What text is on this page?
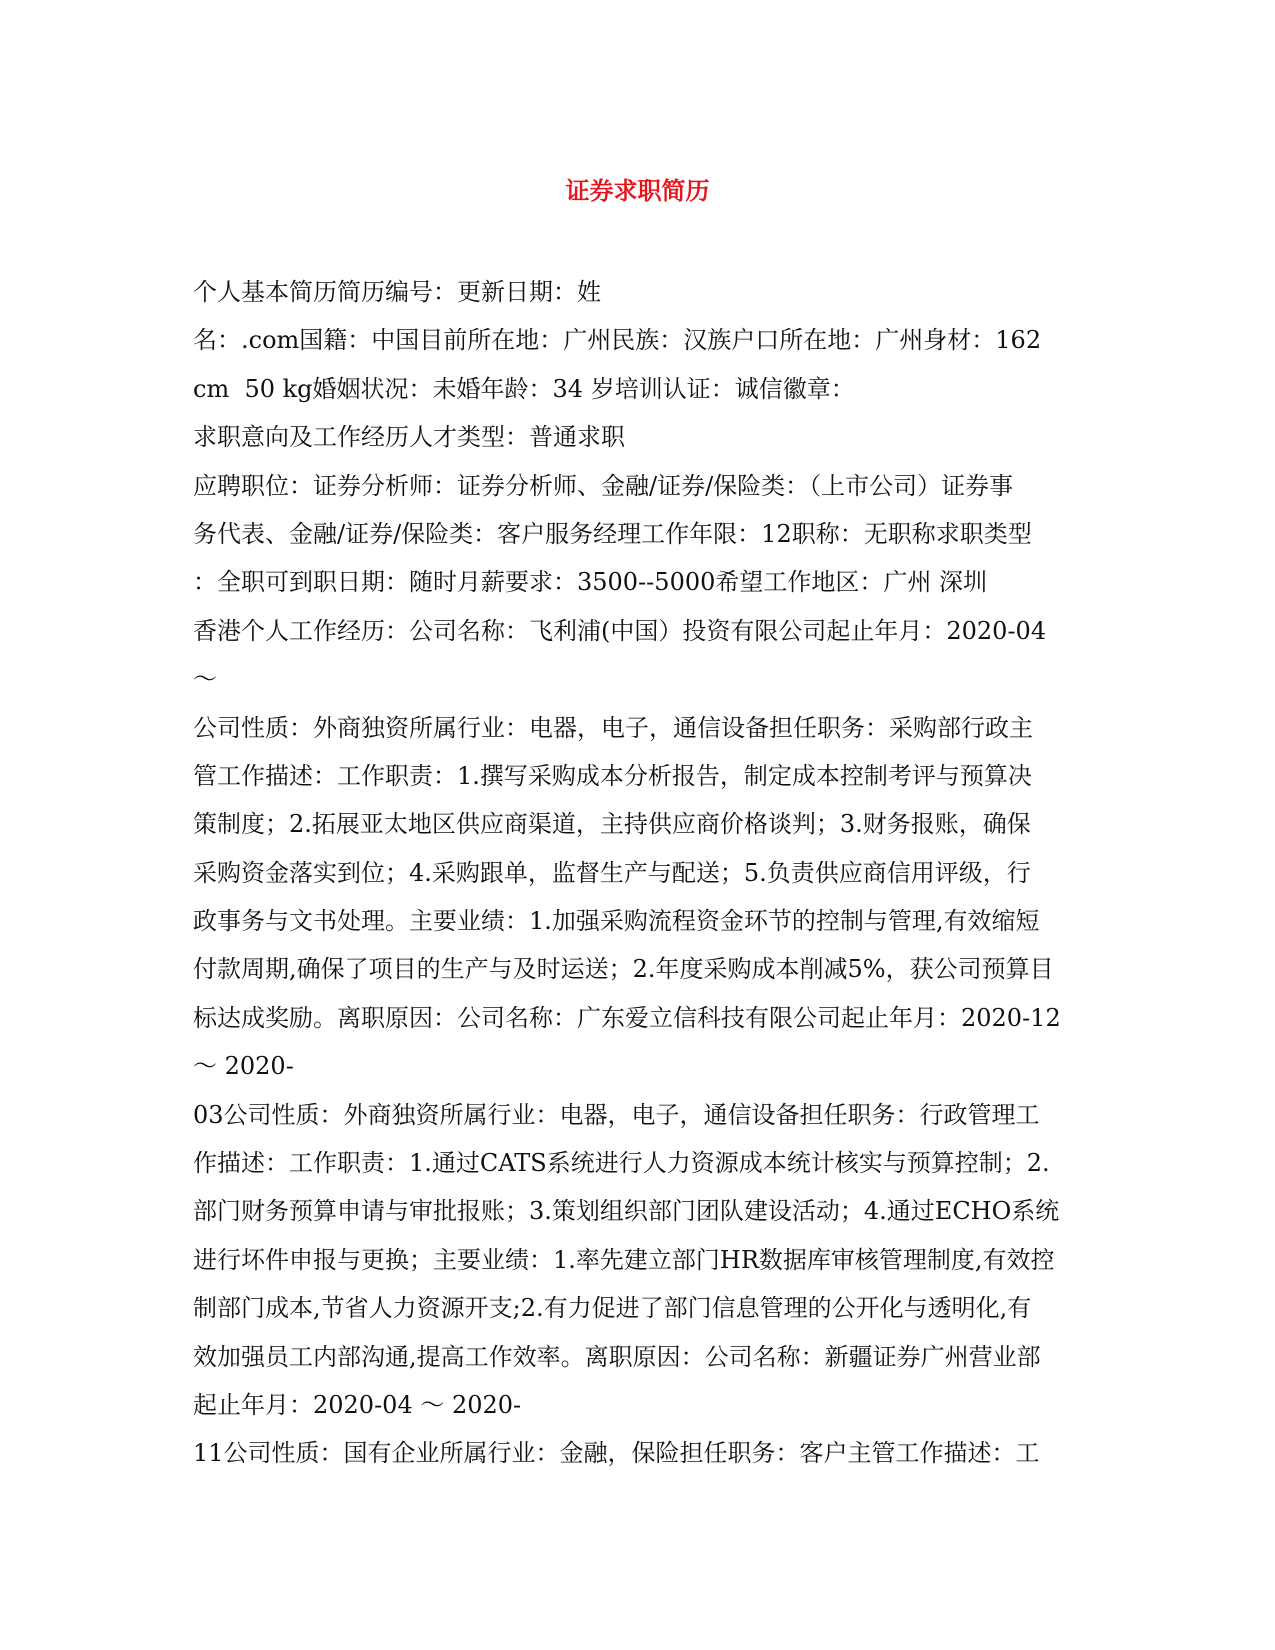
证券求职简历
个人基本简历简历编号：更新日期：姓
名：.com国籍：中国目前所在地：广州民族：汉族户口所在地：广州身材：162
cm  50 kg婚姻状况：未婚年龄：34 岁培训认证：诚信徽章：
求职意向及工作经历人才类型：普通求职
应聘职位：证券分析师：证券分析师、金融/证券/保险类：（上市公司）证券事
务代表、金融/证券/保险类：客户服务经理工作年限：12职称：无职称求职类型
：全职可到职日期：随时月薪要求：3500--5000希望工作地区：广州 深圳
香港个人工作经历：公司名称：飞利浦(中国）投资有限公司起止年月：2020-04
～
公司性质：外商独资所属行业：电器，电子，通信设备担任职务：采购部行政主
管工作描述：工作职责：1.撰写采购成本分析报告，制定成本控制考评与预算决
策制度；2.拓展亚太地区供应商渠道，主持供应商价格谈判；3.财务报账，确保
采购资金落实到位；4.采购跟单，监督生产与配送；5.负责供应商信用评级，行
政事务与文书处理。主要业绩：1.加强采购流程资金环节的控制与管理,有效缩短
付款周期,确保了项目的生产与及时运送；2.年度采购成本削减5%，获公司预算目
标达成奖励。离职原因：公司名称：广东爱立信科技有限公司起止年月：2020-12
～ 2020-
03公司性质：外商独资所属行业：电器，电子，通信设备担任职务：行政管理工
作描述：工作职责：1.通过CATS系统进行人力资源成本统计核实与预算控制；2.
部门财务预算申请与审批报账；3.策划组织部门团队建设活动；4.通过ECHO系统
进行坏件申报与更换；主要业绩：1.率先建立部门HR数据库审核管理制度,有效控
制部门成本,节省人力资源开支;2.有力促进了部门信息管理的公开化与透明化,有
效加强员工内部沟通,提高工作效率。离职原因：公司名称：新疆证券广州营业部
起止年月：2020-04 ～ 2020-
11公司性质：国有企业所属行业：金融，保险担任职务：客户主管工作描述：工
